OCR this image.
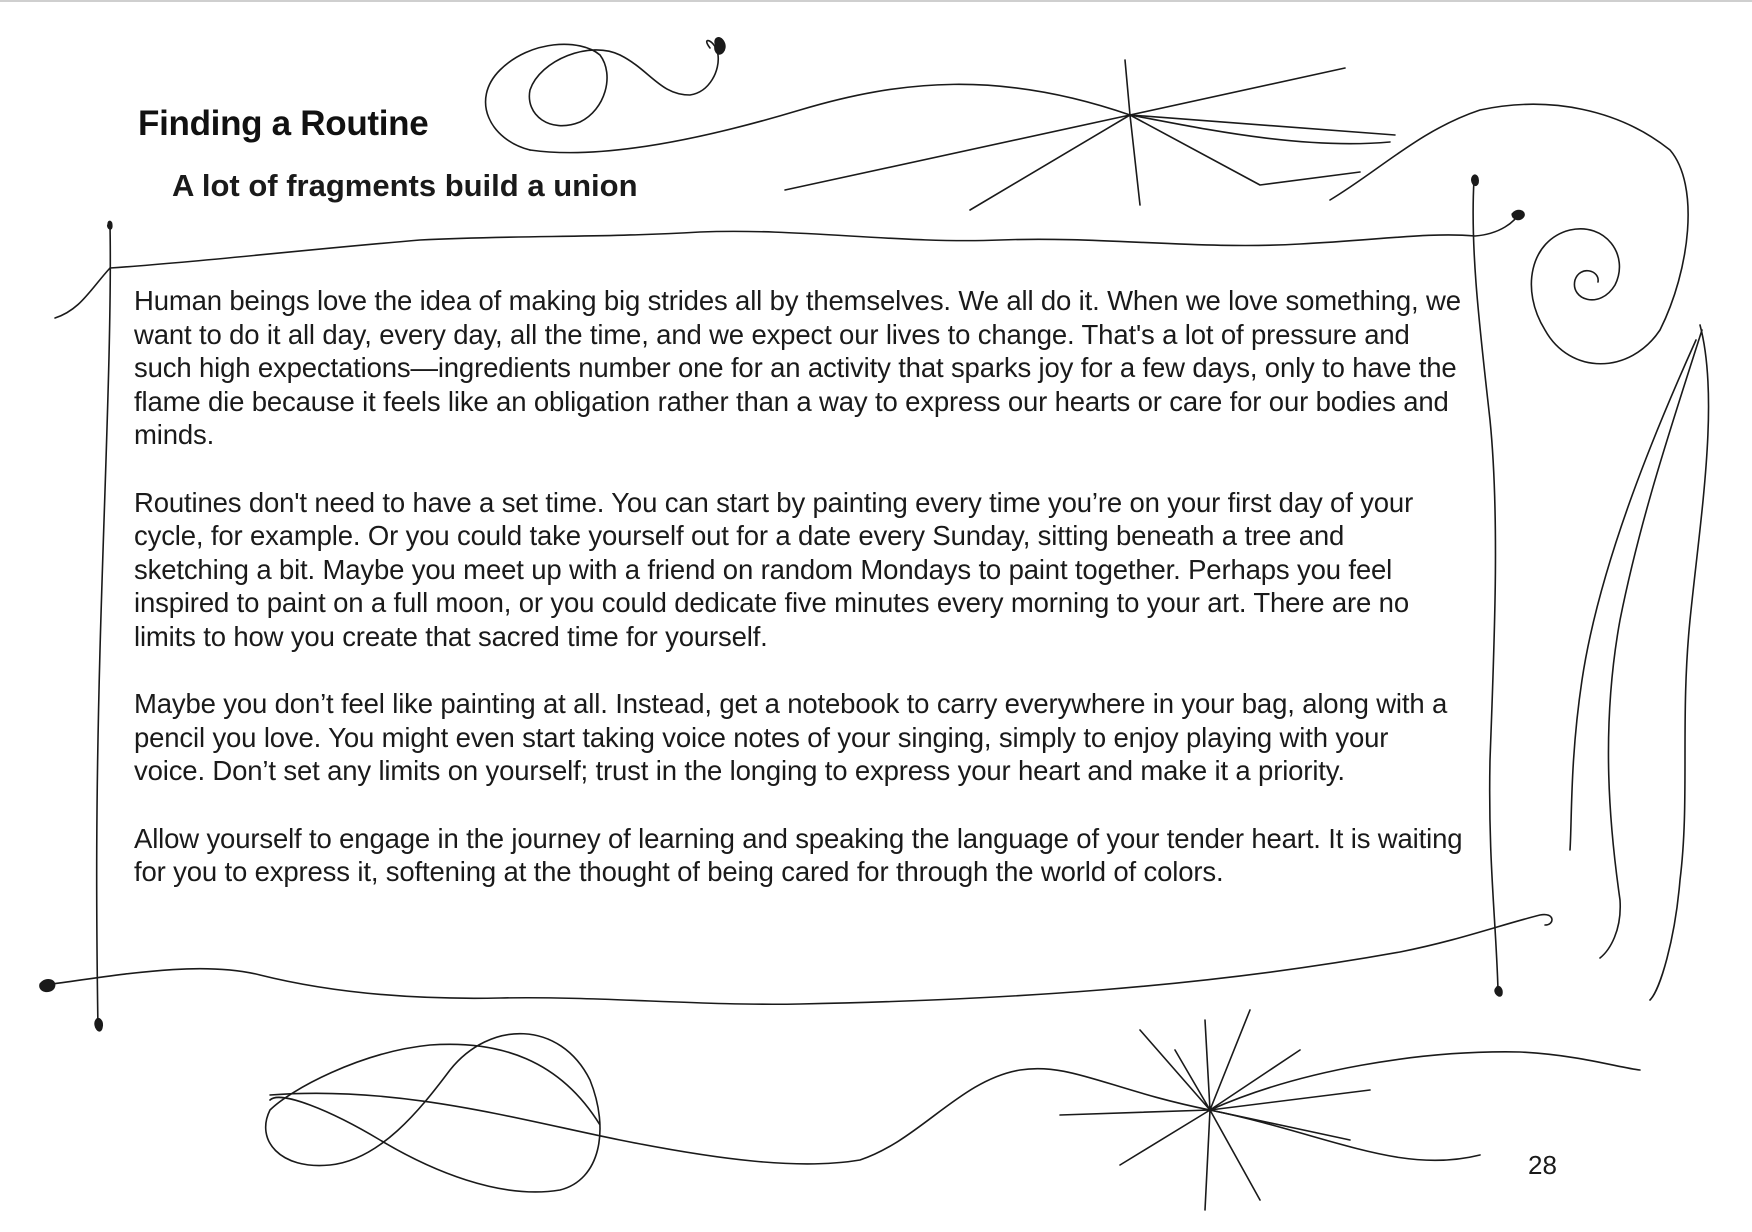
Finding a Routine
A lot of fragments build a union

Human beings love the idea of making big strides all by themselves. We all do it. When we love something, we want to do it all day, every day, all the time, and we expect our lives to change. That's a lot of pressure and such high expectations—ingredients number one for an activity that sparks joy for a few days, only to have the flame die because it feels like an obligation rather than a way to express our hearts or care for our bodies and minds.

Routines don't need to have a set time. You can start by painting every time you’re on your first day of your cycle, for example. Or you could take yourself out for a date every Sunday, sitting beneath a tree and sketching a bit. Maybe you meet up with a friend on random Mondays to paint together. Perhaps you feel inspired to paint on a full moon, or you could dedicate five minutes every morning to your art. There are no limits to how you create that sacred time for yourself.

Maybe you don’t feel like painting at all. Instead, get a notebook to carry everywhere in your bag, along with a pencil you love. You might even start taking voice notes of your singing, simply to enjoy playing with your voice. Don’t set any limits on yourself; trust in the longing to express your heart and make it a priority.

Allow yourself to engage in the journey of learning and speaking the language of your tender heart. It is waiting for you to express it, softening at the thought of being cared for through the world of colors.

28
